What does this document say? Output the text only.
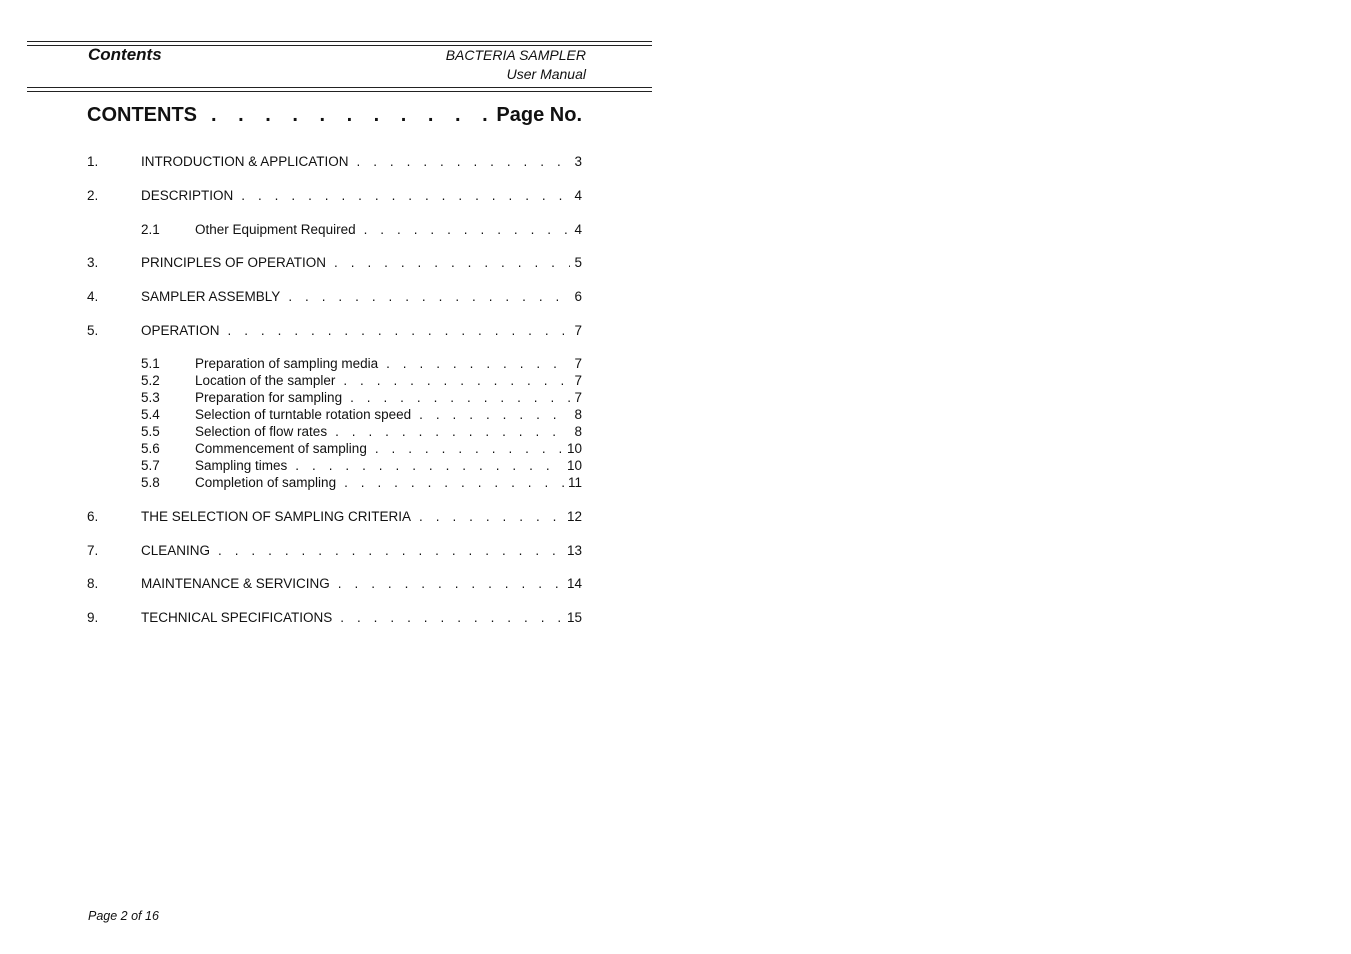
Contents	BACTERIA SAMPLER
User Manual
CONTENTS . . .	Page No.
1.	INTRODUCTION & APPLICATION . . .	3
2.	DESCRIPTION . . .	4
2.1	Other Equipment Required . . .	4
3.	PRINCIPLES OF OPERATION . . .	5
4.	SAMPLER ASSEMBLY . . .	6
5.	OPERATION . . .	7
5.1	Preparation of sampling media . . .	7
5.2	Location of the sampler . . .	7
5.3	Preparation for sampling . . .	7
5.4	Selection of turntable rotation speed . . .	8
5.5	Selection of flow rates . . .	8
5.6	Commencement of sampling . . .	10
5.7	Sampling times . . .	10
5.8	Completion of sampling . . .	11
6.	THE SELECTION OF SAMPLING CRITERIA . . .	12
7.	CLEANING . . .	13
8.	MAINTENANCE & SERVICING . . .	14
9.	TECHNICAL SPECIFICATIONS . . .	15
Page 2 of 16
